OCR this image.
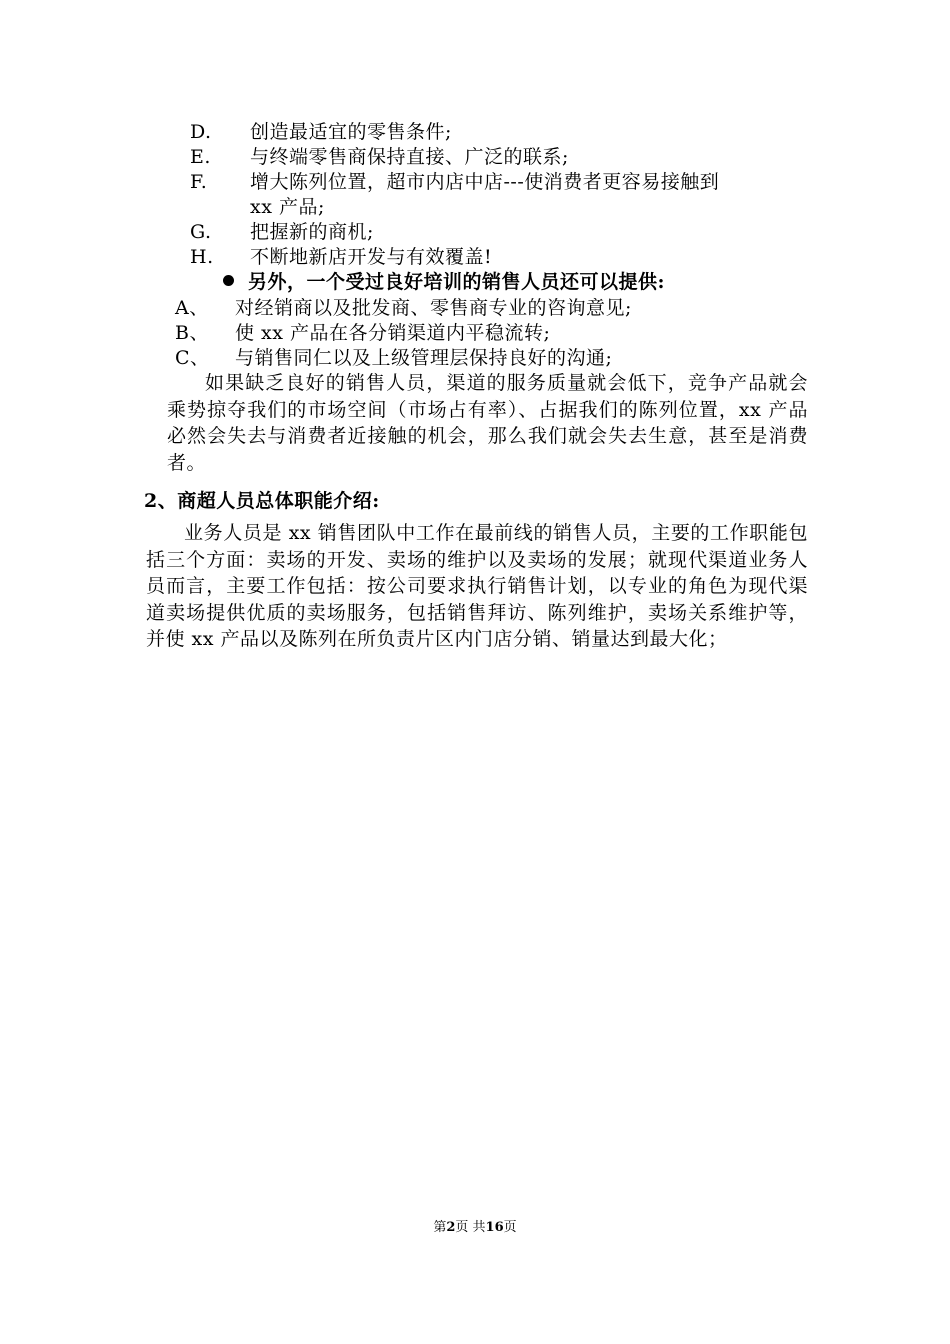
D. 创造最适宜的零售条件;
E. 与终端零售商保持直接、广泛的联系;
F. 增大陈列位置，超市内店中店---使消费者更容易接触到
xx 产品;
G. 把握新的商机;
H. 不断地新店开发与有效覆盖!
另外，一个受过良好培训的销售人员还可以提供:
A、 对经销商以及批发商、零售商专业的咨询意见;
B、 使 xx 产品在各分销渠道内平稳流转;
C、 与销售同仁以及上级管理层保持良好的沟通;
如果缺乏良好的销售人员，渠道的服务质量就会低下，竞争产品就会乘势掠夺我们的市场空间（市场占有率）、占据我们的陈列位置，xx 产品必然会失去与消费者近接触的机会，那么我们就会失去生意，甚至是消费者。
2、商超人员总体职能介绍:
业务人员是 xx 销售团队中工作在最前线的销售人员，主要的工作职能包括三个方面：卖场的开发、卖场的维护以及卖场的发展；就现代渠道业务人员而言，主要工作包括：按公司要求执行销售计划，以专业的角色为现代渠道卖场提供优质的卖场服务，包括销售拜访、陈列维护，卖场关系维护等，并使 xx 产品以及陈列在所负责片区内门店分销、销量达到最大化；
第2页 共16页
